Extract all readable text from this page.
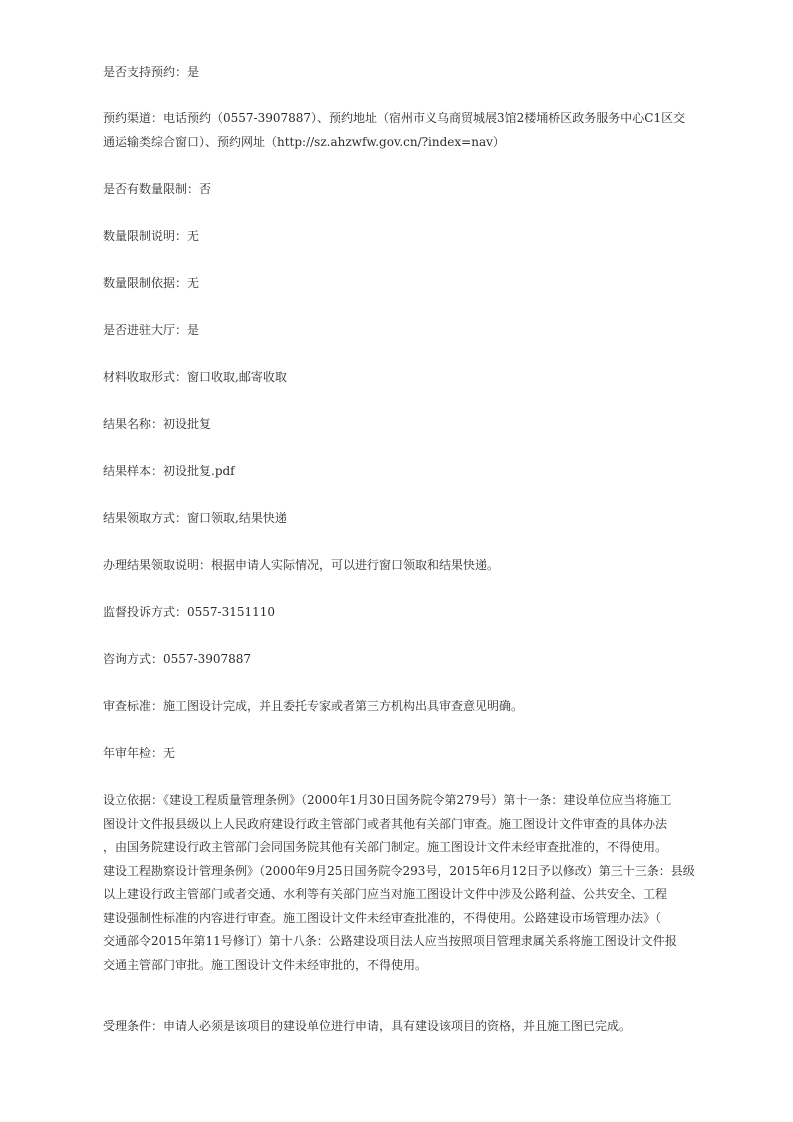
是否支持预约：是

预约渠道：电话预约（0557-3907887）、预约地址（宿州市义乌商贸城展3馆2楼埇桥区政务服务中心C1区交
通运输类综合窗口）、预约网址（http://sz.ahzwfw.gov.cn/?index=nav）

是否有数量限制：否

数量限制说明：无

数量限制依据：无

是否进驻大厅：是

材料收取形式：窗口收取,邮寄收取

结果名称：初设批复

结果样本：初设批复.pdf

结果领取方式：窗口领取,结果快递

办理结果领取说明：根据申请人实际情况，可以进行窗口领取和结果快递。

监督投诉方式：0557-3151110

咨询方式：0557-3907887

审查标准：施工图设计完成，并且委托专家或者第三方机构出具审查意见明确。

年审年检：无

设立依据：《建设工程质量管理条例》（2000年1月30日国务院令第279号）第十一条：建设单位应当将施工
图设计文件报县级以上人民政府建设行政主管部门或者其他有关部门审查。施工图设计文件审查的具体办法
，由国务院建设行政主管部门会同国务院其他有关部门制定。施工图设计文件未经审查批准的，不得使用。
建设工程勘察设计管理条例》（2000年9月25日国务院令293号，2015年6月12日予以修改）第三十三条：县级
以上建设行政主管部门或者交通、水利等有关部门应当对施工图设计文件中涉及公路利益、公共安全、工程
建设强制性标准的内容进行审查。施工图设计文件未经审查批准的，不得使用。公路建设市场管理办法》（
交通部令2015年第11号修订）第十八条：公路建设项目法人应当按照项目管理隶属关系将施工图设计文件报
交通主管部门审批。施工图设计文件未经审批的，不得使用。

受理条件：申请人必须是该项目的建设单位进行申请，具有建设该项目的资格，并且施工图已完成。
